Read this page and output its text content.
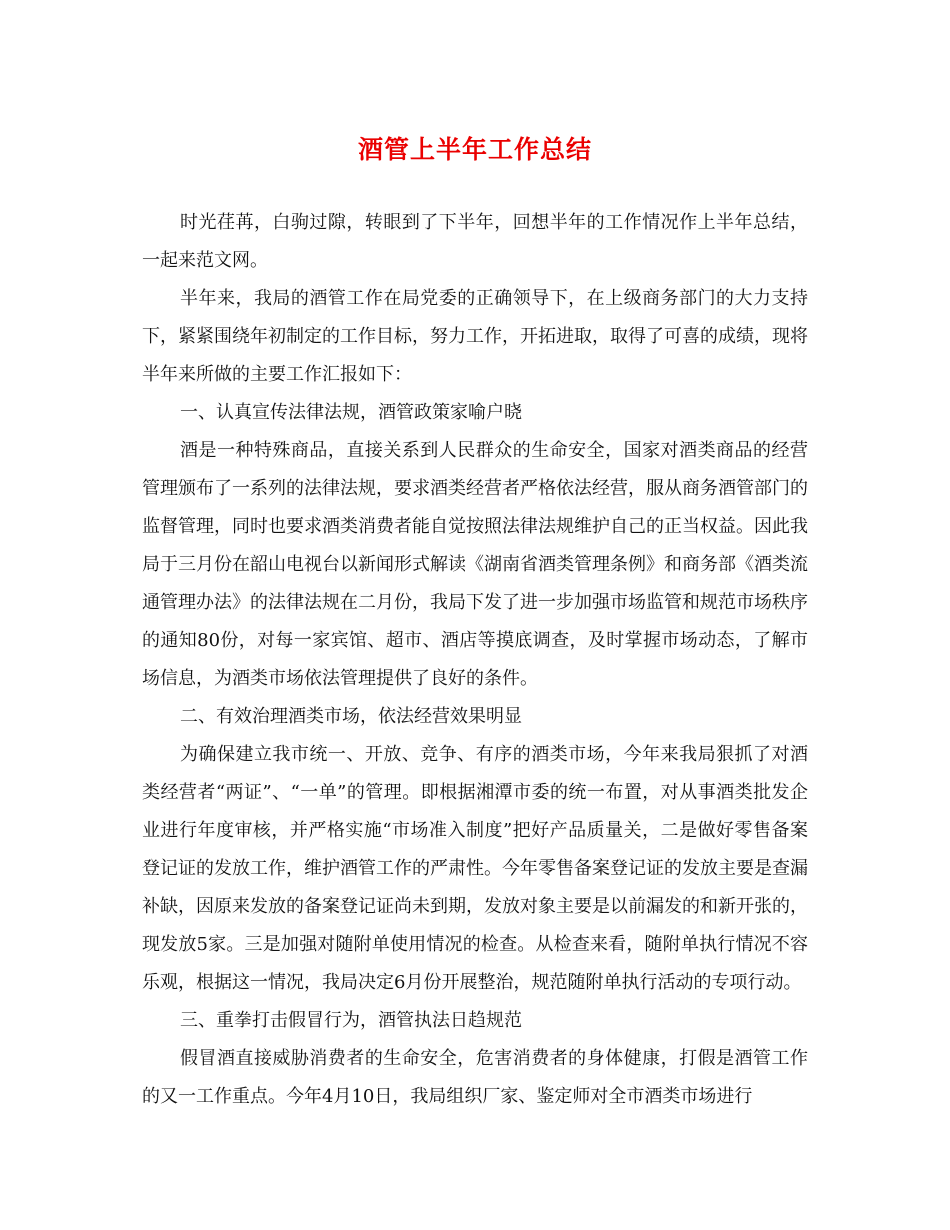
酒管上半年工作总结

时光荏苒，白驹过隙，转眼到了下半年，回想半年的工作情况作上半年总结，一起来范文网。

半年来，我局的酒管工作在局党委的正确领导下，在上级商务部门的大力支持下，紧紧围绕年初制定的工作目标，努力工作，开拓进取，取得了可喜的成绩，现将半年来所做的主要工作汇报如下：

一、认真宣传法律法规，酒管政策家喻户晓

酒是一种特殊商品，直接关系到人民群众的生命安全，国家对酒类商品的经营管理颁布了一系列的法律法规，要求酒类经营者严格依法经营，服从商务酒管部门的监督管理，同时也要求酒类消费者能自觉按照法律法规维护自己的正当权益。因此我局于三月份在韶山电视台以新闻形式解读《湖南省酒类管理条例》和商务部《酒类流通管理办法》的法律法规在二月份，我局下发了进一步加强市场监管和规范市场秩序的通知80份，对每一家宾馆、超市、酒店等摸底调查，及时掌握市场动态，了解市场信息，为酒类市场依法管理提供了良好的条件。

二、有效治理酒类市场，依法经营效果明显

为确保建立我市统一、开放、竞争、有序的酒类市场，今年来我局狠抓了对酒类经营者“两证”、“一单”的管理。即根据湘潭市委的统一布置，对从事酒类批发企业进行年度审核，并严格实施“市场准入制度”把好产品质量关，二是做好零售备案登记证的发放工作，维护酒管工作的严肃性。今年零售备案登记证的发放主要是查漏补缺，因原来发放的备案登记证尚未到期，发放对象主要是以前漏发的和新开张的，现发放5家。三是加强对随附单使用情况的检查。从检查来看，随附单执行情况不容乐观，根据这一情况，我局决定6月份开展整治，规范随附单执行活动的专项行动。

三、重拳打击假冒行为，酒管执法日趋规范

假冒酒直接威胁消费者的生命安全，危害消费者的身体健康，打假是酒管工作的又一工作重点。今年4月10日，我局组织厂家、鉴定师对全市酒类市场进行
